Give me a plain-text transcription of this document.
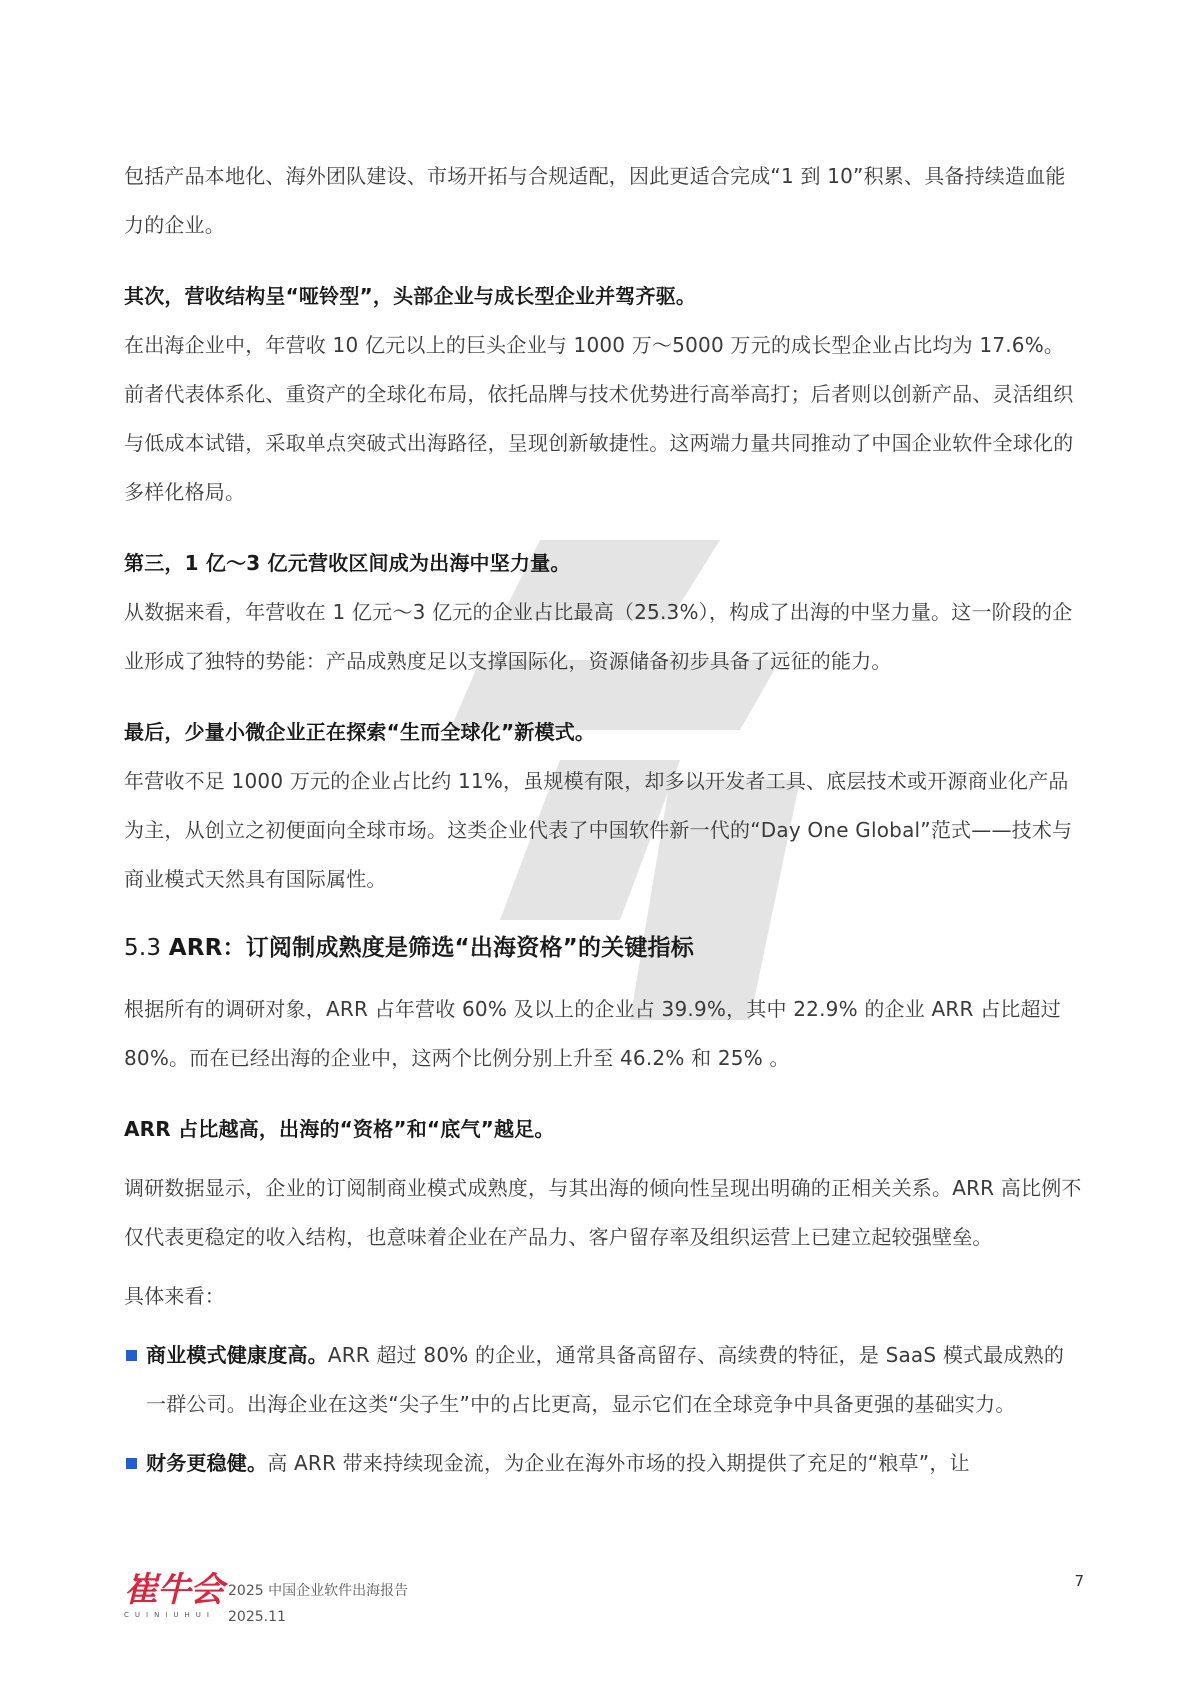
包括产品本地化、海外团队建设、市场开拓与合规适配，因此更适合完成“1 到 10”积累、具备持续造血能力的企业。

其次，营收结构呈“哑铃型”，头部企业与成长型企业并驾齐驱。

在出海企业中，年营收 10 亿元以上的巨头企业与 1000 万～5000 万元的成长型企业占比均为 17.6%。前者代表体系化、重资产的全球化布局，依托品牌与技术优势进行高举高打；后者则以创新产品、灵活组织与低成本试错，采取单点突破式出海路径，呈现创新敏捷性。这两端力量共同推动了中国企业软件全球化的多样化格局。

第三，1 亿～3 亿元营收区间成为出海中坚力量。

从数据来看，年营收在 1 亿元～3 亿元的企业占比最高（25.3%），构成了出海的中坚力量。这一阶段的企业形成了独特的势能：产品成熟度足以支撑国际化，资源储备初步具备了远征的能力。

最后，少量小微企业正在探索“生而全球化”新模式。

年营收不足 1000 万元的企业占比约 11%，虽规模有限，却多以开发者工具、底层技术或开源商业化产品为主，从创立之初便面向全球市场。这类企业代表了中国软件新一代的“Day One Global”范式——技术与商业模式天然具有国际属性。

5.3 ARR：订阅制成熟度是筛选“出海资格”的关键指标

根据所有的调研对象，ARR 占年营收 60% 及以上的企业占 39.9%，其中 22.9% 的企业 ARR 占比超过 80%。而在已经出海的企业中，这两个比例分别上升至 46.2% 和 25% 。

ARR 占比越高，出海的“资格”和“底气”越足。

调研数据显示，企业的订阅制商业模式成熟度，与其出海的倾向性呈现出明确的正相关关系。ARR 高比例不仅代表更稳定的收入结构，也意味着企业在产品力、客户留存率及组织运营上已建立起较强壁垒。

具体来看：

商业模式健康度高。ARR 超过 80% 的企业，通常具备高留存、高续费的特征，是 SaaS 模式最成熟的一群公司。出海企业在这类“尖子生”中的占比更高，显示它们在全球竞争中具备更强的基础实力。

财务更稳健。高 ARR 带来持续现金流，为企业在海外市场的投入期提供了充足的“粮草”，让

崔牛会
CUINIUHUI
2025 中国企业软件出海报告
2025.11
7
